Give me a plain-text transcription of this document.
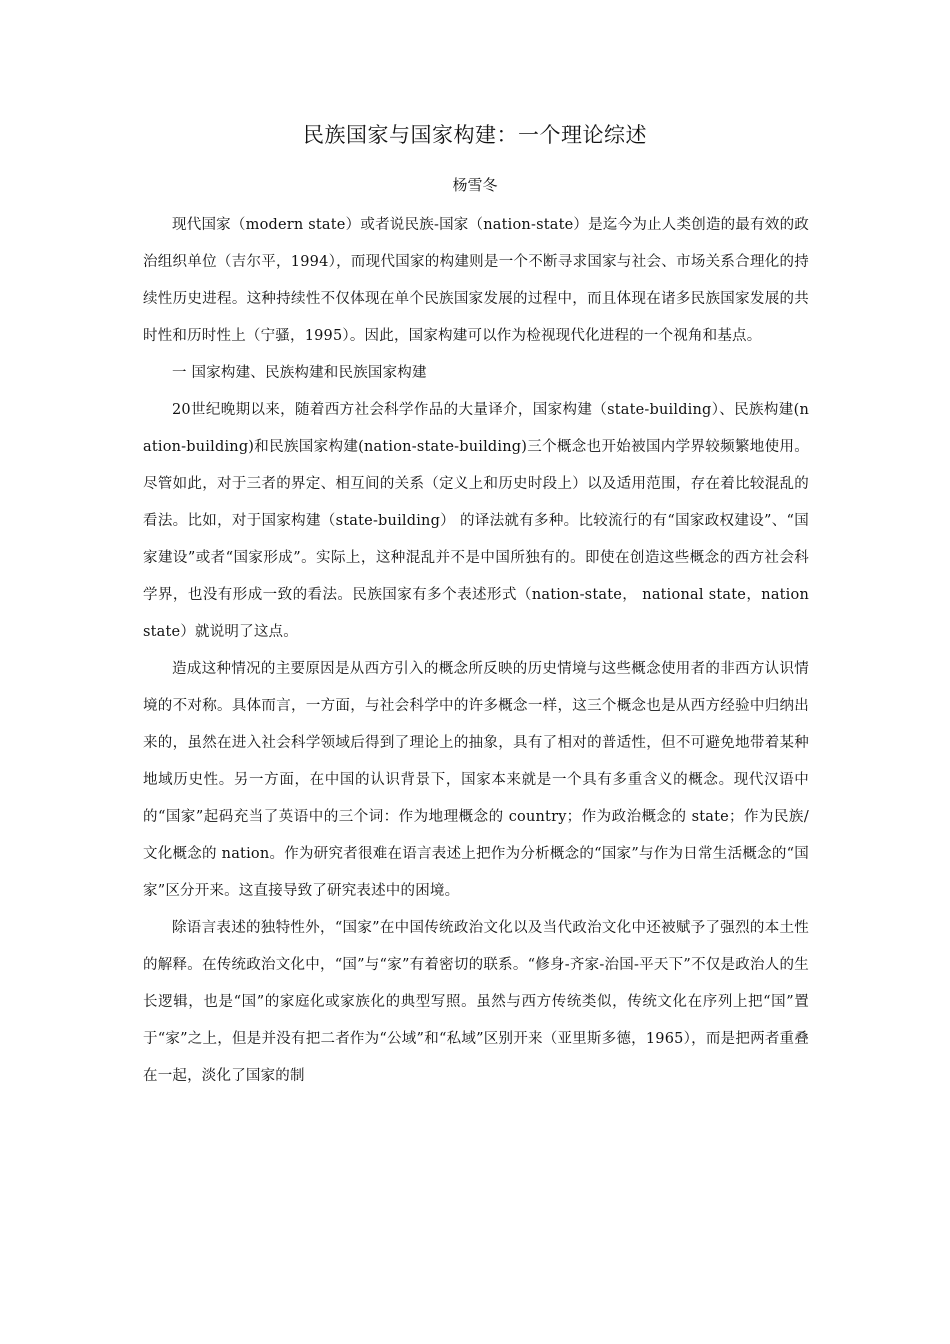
民族国家与国家构建：一个理论综述
杨雪冬

现代国家（modern state）或者说民族-国家（nation-state）是迄今为止人类创造的最有效的政治组织单位（吉尔平，1994），而现代国家的构建则是一个不断寻求国家与社会、市场关系合理化的持续性历史进程。这种持续性不仅体现在单个民族国家发展的过程中，而且体现在诸多民族国家发展的共时性和历时性上（宁骚，1995）。因此，国家构建可以作为检视现代化进程的一个视角和基点。

一 国家构建、民族构建和民族国家构建

20世纪晚期以来，随着西方社会科学作品的大量译介，国家构建（state-building）、民族构建(nation-building)和民族国家构建(nation-state-building)三个概念也开始被国内学界较频繁地使用。尽管如此，对于三者的界定、相互间的关系（定义上和历史时段上）以及适用范围，存在着比较混乱的看法。比如，对于国家构建（state-building） 的译法就有多种。比较流行的有“国家政权建设”、“国家建设”或者“国家形成”。实际上，这种混乱并不是中国所独有的。即使在创造这些概念的西方社会科学界，也没有形成一致的看法。民族国家有多个表述形式（nation-state， national state，nation state）就说明了这点。

造成这种情况的主要原因是从西方引入的概念所反映的历史情境与这些概念使用者的非西方认识情境的不对称。具体而言，一方面，与社会科学中的许多概念一样，这三个概念也是从西方经验中归纳出来的，虽然在进入社会科学领域后得到了理论上的抽象，具有了相对的普适性，但不可避免地带着某种地域历史性。另一方面，在中国的认识背景下，国家本来就是一个具有多重含义的概念。现代汉语中的“国家”起码充当了英语中的三个词：作为地理概念的 country；作为政治概念的 state；作为民族/文化概念的 nation。作为研究者很难在语言表述上把作为分析概念的“国家”与作为日常生活概念的“国家”区分开来。这直接导致了研究表述中的困境。

除语言表述的独特性外，“国家”在中国传统政治文化以及当代政治文化中还被赋予了强烈的本土性的解释。在传统政治文化中，“国”与“家”有着密切的联系。“修身-齐家-治国-平天下”不仅是政治人的生长逻辑，也是“国”的家庭化或家族化的典型写照。虽然与西方传统类似，传统文化在序列上把“国”置于“家”之上，但是并没有把二者作为“公域”和“私域”区别开来（亚里斯多德，1965），而是把两者重叠在一起，淡化了国家的制
